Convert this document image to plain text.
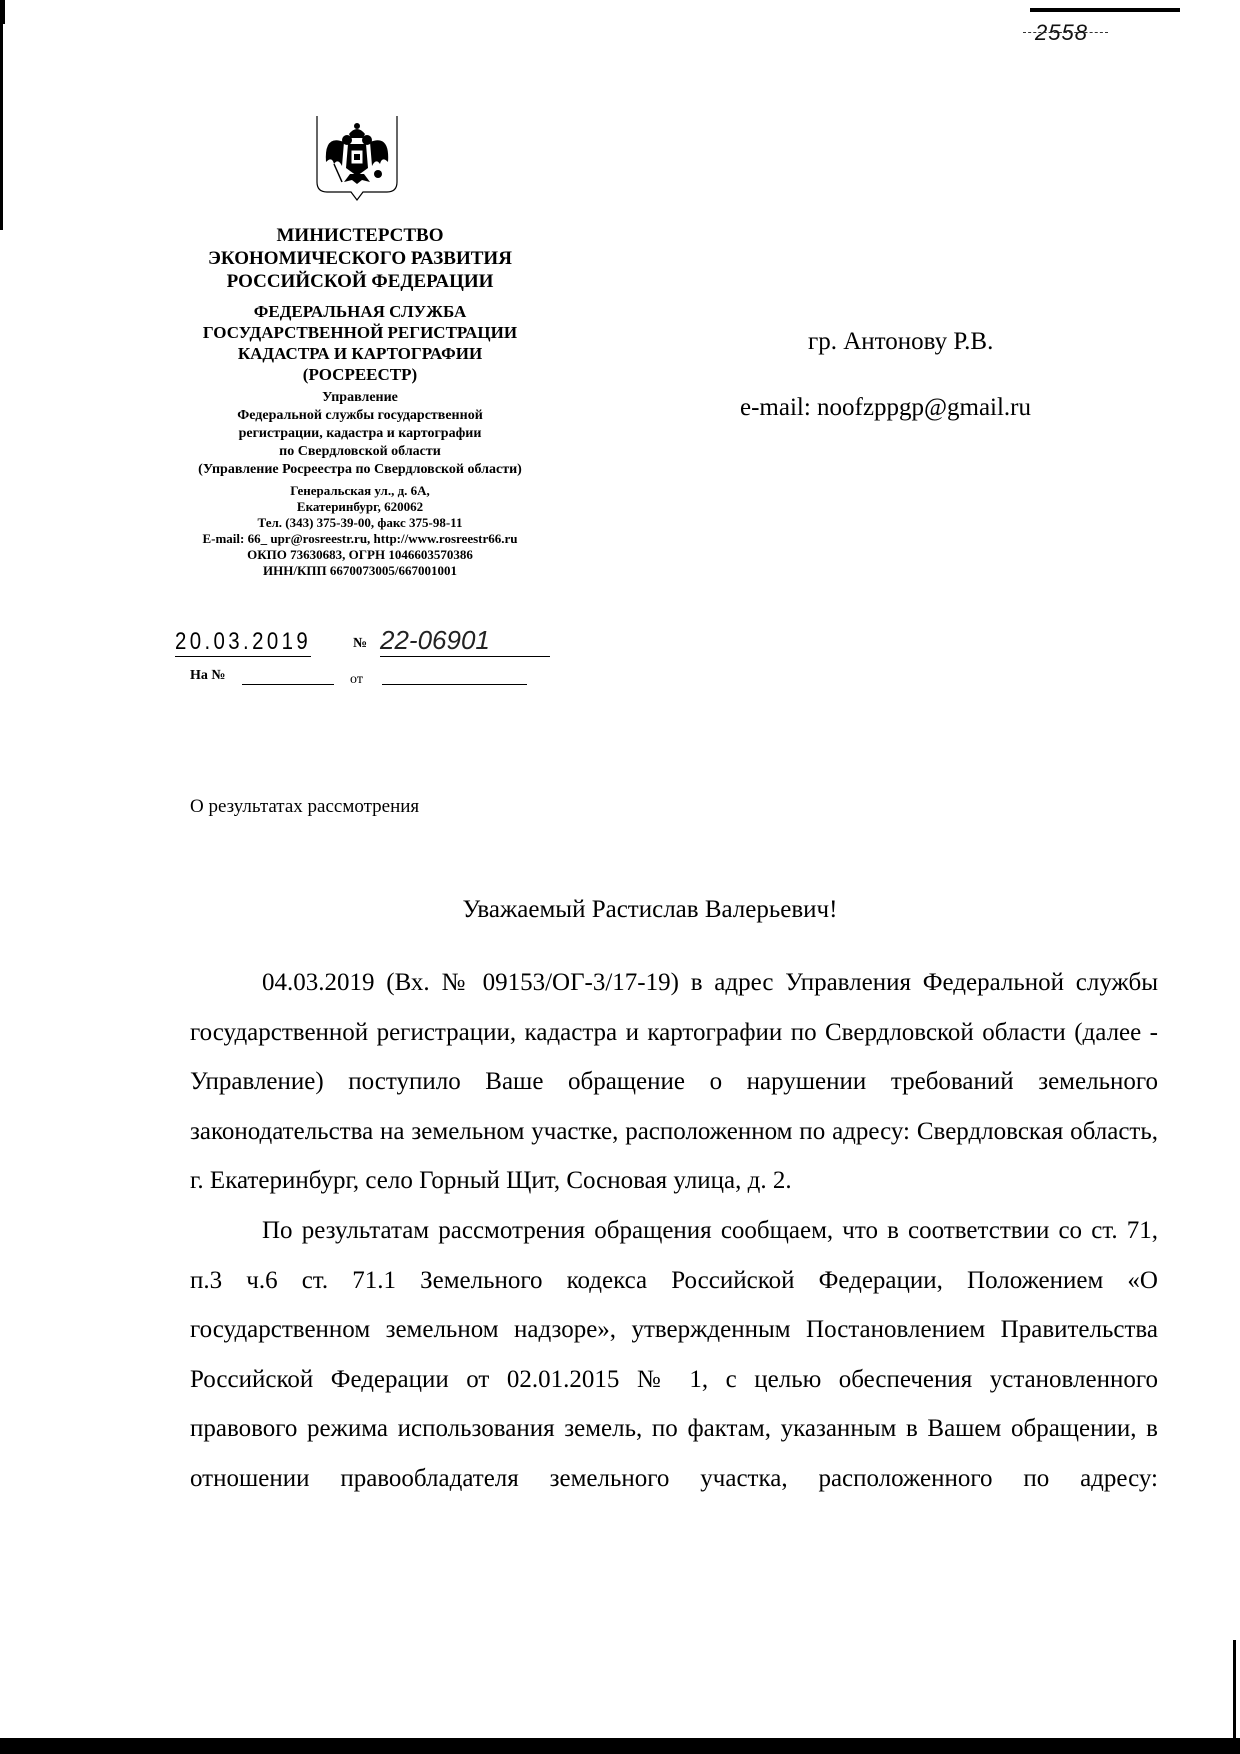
2558
МИНИСТЕРСТВО
ЭКОНОМИЧЕСКОГО РАЗВИТИЯ
РОССИЙСКОЙ ФЕДЕРАЦИИ
ФЕДЕРАЛЬНАЯ СЛУЖБА
ГОСУДАРСТВЕННОЙ РЕГИСТРАЦИИ
КАДАСТРА И КАРТОГРАФИИ
(РОСРЕЕСТР)
Управление
Федеральной службы государственной
регистрации, кадастра и картографии
по Свердловской области
(Управление Росреестра по Свердловской области)
Генеральская ул., д. 6А,
Екатеринбург, 620062
Тел. (343) 375-39-00, факс 375-98-11
E-mail: 66_ upr@rosreestr.ru, http://www.rosreestr66.ru
ОКПО 73630683, ОГРН 1046603570386
ИНН/КПП 6670073005/667001001
20.03.2019	№ 22-06901
На №	от
гр. Антонову Р.В.
e-mail: noofzppgp@gmail.ru
О результатах рассмотрения
Уважаемый Растислав Валерьевич!

04.03.2019 (Вх. № 09153/ОГ-3/17-19) в адрес Управления Федеральной службы государственной регистрации, кадастра и картографии по Свердловской области (далее - Управление) поступило Ваше обращение о нарушении требований земельного законодательства на земельном участке, расположенном по адресу: Свердловская область, г. Екатеринбург, село Горный Щит, Сосновая улица, д. 2.

По результатам рассмотрения обращения сообщаем, что в соответствии со ст. 71, п.3 ч.6 ст. 71.1 Земельного кодекса Российской Федерации, Положением «О государственном земельном надзоре», утвержденным Постановлением Правительства Российской Федерации от 02.01.2015 № 1, с целью обеспечения установленного правового режима использования земель, по фактам, указанным в Вашем обращении, в отношении правообладателя земельного участка, расположенного по адресу:
